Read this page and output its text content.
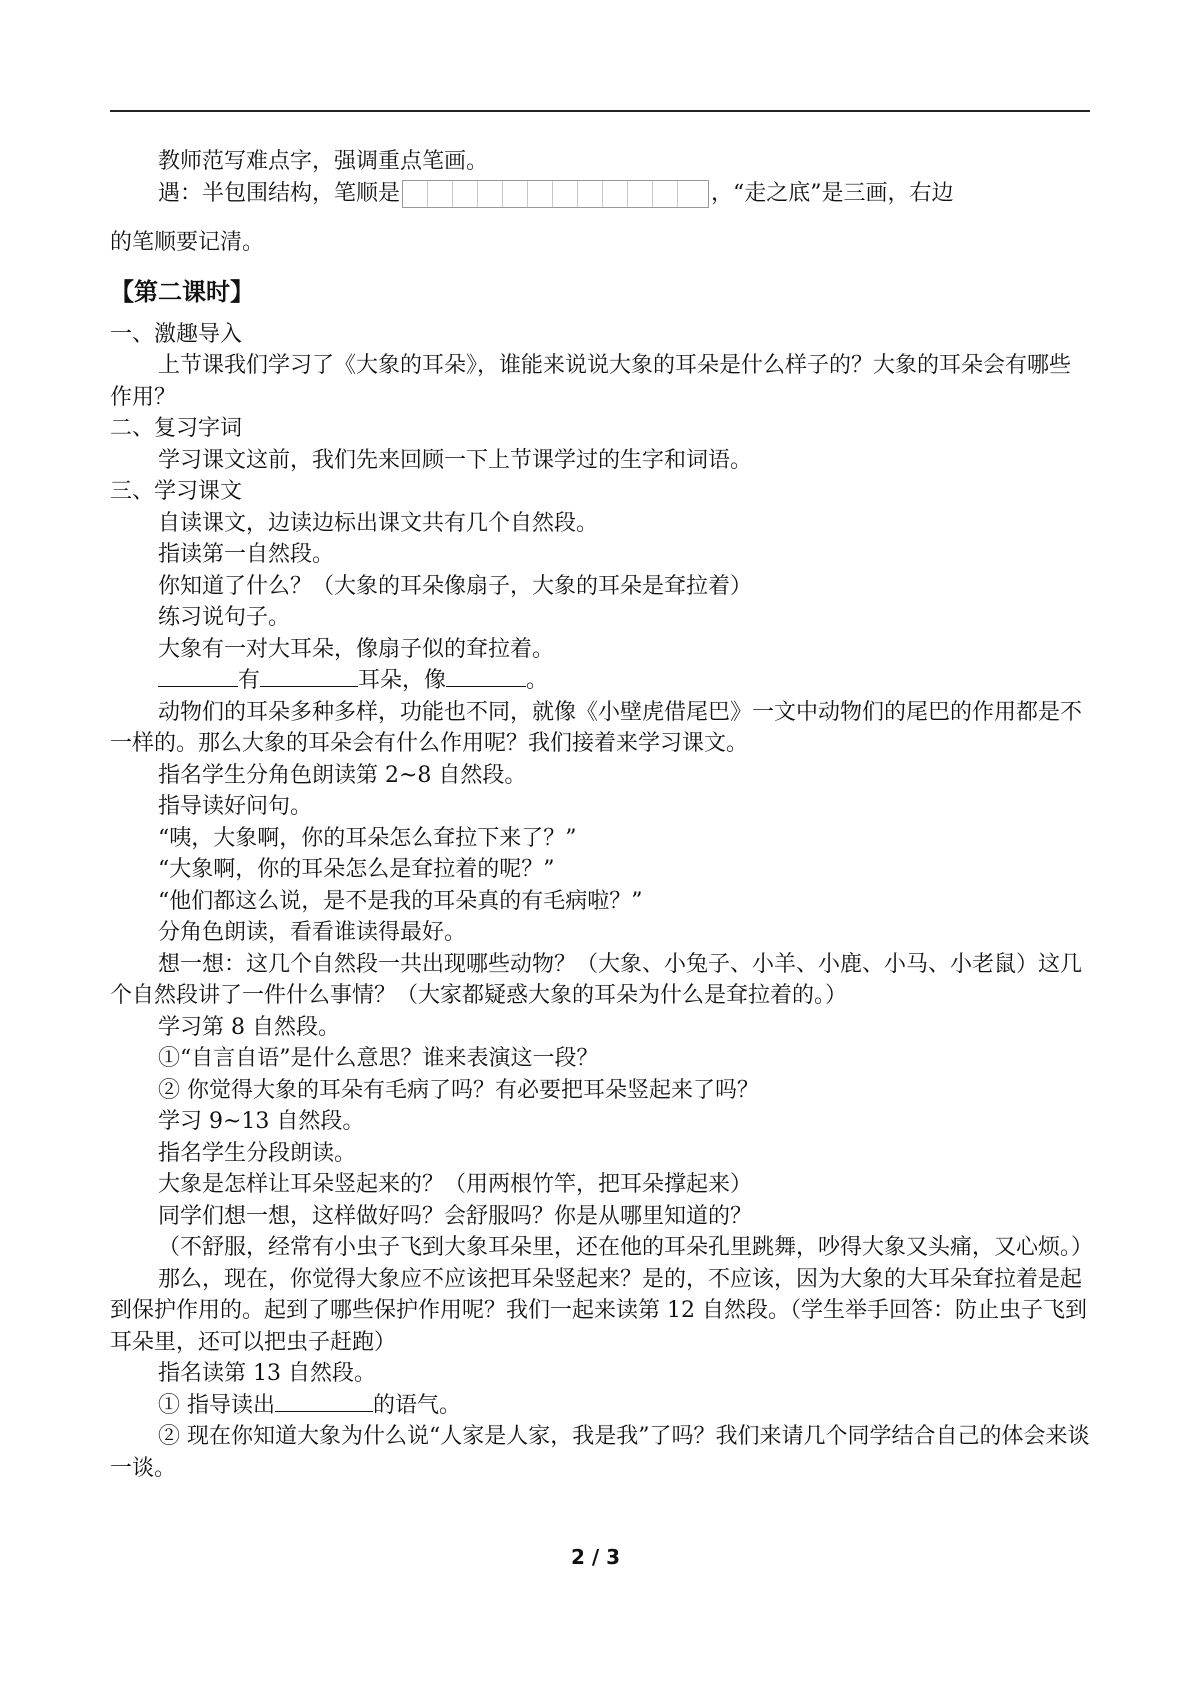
教师范写难点字，强调重点笔画。

遇：半包围结构，笔顺是	，“走之底”是三画，右边

的笔顺要记清。

【第二课时】

一、激趣导入

上节课我们学习了《大象的耳朵》，谁能来说说大象的耳朵是什么样子的？大象的耳朵会有哪些作用？

二、复习字词

学习课文这前，我们先来回顾一下上节课学过的生字和词语。

三、学习课文

自读课文，边读边标出课文共有几个自然段。

指读第一自然段。

你知道了什么？（大象的耳朵像扇子，大象的耳朵是耷拉着）

练习说句子。

大象有一对大耳朵，像扇子似的耷拉着。

有	耳朵，像	。

动物们的耳朵多种多样，功能也不同，就像《小壁虎借尾巴》一文中动物们的尾巴的作用都是不一样的。那么大象的耳朵会有什么作用呢？我们接着来学习课文。

指名学生分角色朗读第 2~8 自然段。

指导读好问句。

“咦，大象啊，你的耳朵怎么耷拉下来了？”

“大象啊，你的耳朵怎么是耷拉着的呢？”

“他们都这么说，是不是我的耳朵真的有毛病啦？”

分角色朗读，看看谁读得最好。

想一想：这几个自然段一共出现哪些动物？（大象、小兔子、小羊、小鹿、小马、小老鼠）这几个自然段讲了一件什么事情？（大家都疑惑大象的耳朵为什么是耷拉着的。）

学习第 8 自然段。

①“自言自语”是什么意思？谁来表演这一段？

② 你觉得大象的耳朵有毛病了吗？有必要把耳朵竖起来了吗？

学习 9~13 自然段。

指名学生分段朗读。

大象是怎样让耳朵竖起来的？（用两根竹竿，把耳朵撑起来）

同学们想一想，这样做好吗？会舒服吗？你是从哪里知道的？

（不舒服，经常有小虫子飞到大象耳朵里，还在他的耳朵孔里跳舞，吵得大象又头痛，又心烦。）

那么，现在，你觉得大象应不应该把耳朵竖起来？是的，不应该，因为大象的大耳朵耷拉着是起到保护作用的。起到了哪些保护作用呢？我们一起来读第 12 自然段。（学生举手回答：防止虫子飞到耳朵里，还可以把虫子赶跑）

指名读第 13 自然段。

① 指导读出	的语气。

② 现在你知道大象为什么说“人家是人家，我是我”了吗？我们来请几个同学结合自己的体会来谈一谈。

2 / 3
